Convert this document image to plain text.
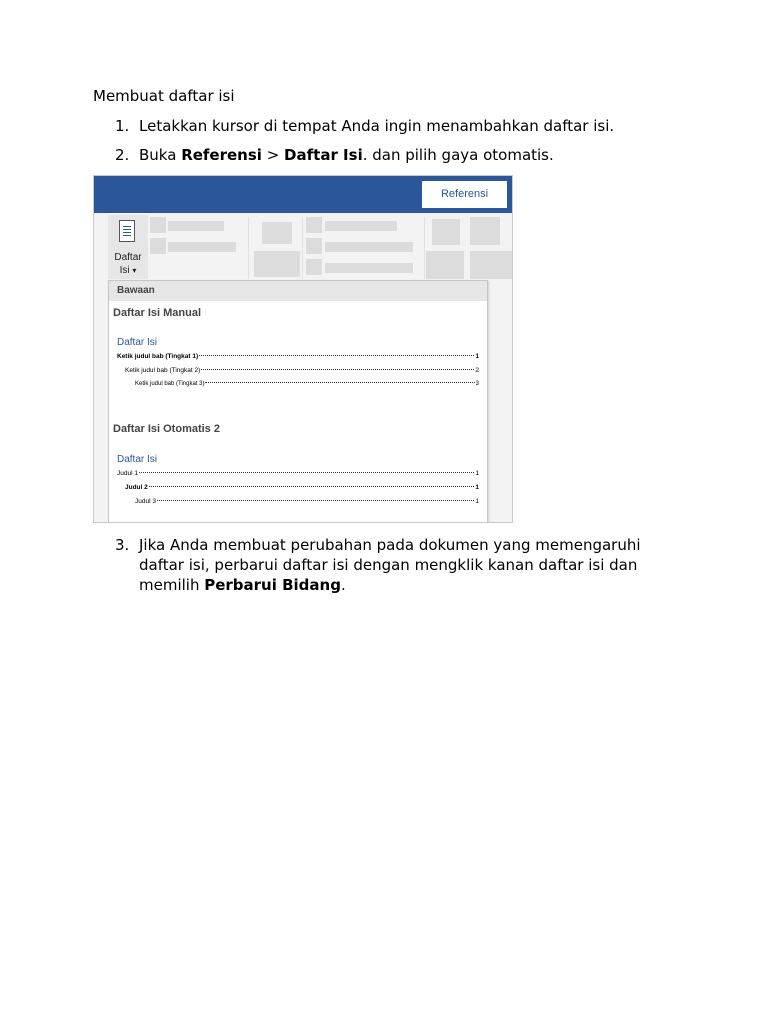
Membuat daftar isi
1. Letakkan kursor di tempat Anda ingin menambahkan daftar isi.
2. Buka Referensi > Daftar Isi. dan pilih gaya otomatis.
Referensi
Daftar
Isi ▾
Bawaan
Daftar Isi Manual
Daftar Isi
Ketik judul bab (Tingkat 1)	1
Ketik judul bab (Tingkat 2)	2
Ketik judul bab (Tingkat 3)	3
Daftar Isi Otomatis 2
Daftar Isi
Judul 1	1
Judul 2	1
Judul 3	1
3. Jika Anda membuat perubahan pada dokumen yang memengaruhi daftar isi, perbarui daftar isi dengan mengklik kanan daftar isi dan memilih Perbarui Bidang.
